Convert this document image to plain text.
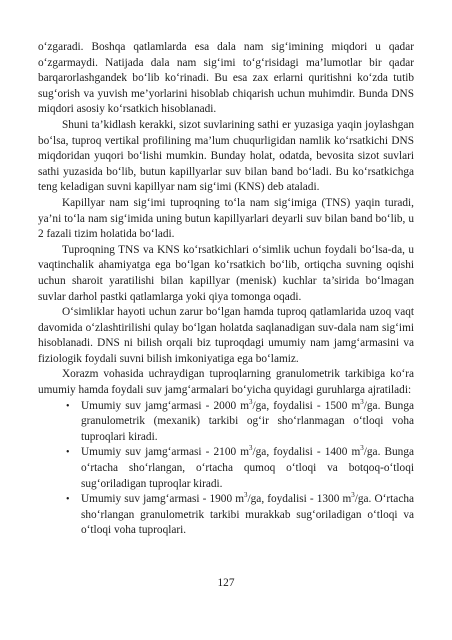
o‘zgaradi. Boshqa qatlamlarda esa dala nam sig‘imining miqdori u qadar o‘zgarmaydi. Natijada dala nam sig‘imi to‘g‘risidagi ma’lumotlar bir qadar barqarorlashgandek bo‘lib ko‘rinadi. Bu esa zax erlarni quritishni ko‘zda tutib sug‘orish va yuvish me’yorlarini hisoblab chiqarish uchun muhimdir. Bunda DNS miqdori asosiy ko‘rsatkich hisoblanadi.

Shuni ta’kidlash kerakki, sizot suvlarining sathi er yuzasiga yaqin joylashgan bo‘lsa, tuproq vertikal profilining ma’lum chuqurligidan namlik ko‘rsatkichi DNS miqdoridan yuqori bo‘lishi mumkin. Bunday holat, odatda, bevosita sizot suvlari sathi yuzasida bo‘lib, butun kapillyarlar suv bilan band bo‘ladi. Bu ko‘rsatkichga teng keladigan suvni kapillyar nam sig‘imi (KNS) deb ataladi.

Kapillyar nam sig‘imi tuproqning to‘la nam sig‘imiga (TNS) yaqin turadi, ya’ni to‘la nam sig‘imida uning butun kapillyarlari deyarli suv bilan band bo‘lib, u 2 fazali tizim holatida bo‘ladi.

Tuproqning TNS va KNS ko‘rsatkichlari o‘simlik uchun foydali bo‘lsa-da, u vaqtinchalik ahamiyatga ega bo‘lgan ko‘rsatkich bo‘lib, ortiqcha suvning oqishi uchun sharoit yaratilishi bilan kapillyar (menisk) kuchlar ta’sirida bo‘lmagan suvlar darhol pastki qatlamlarga yoki qiya tomonga oqadi.

O‘simliklar hayoti uchun zarur bo‘lgan hamda tuproq qatlamlarida uzoq vaqt davomida o‘zlashtirilishi qulay bo‘lgan holatda saqlanadigan suv-dala nam sig‘imi hisoblanadi. DNS ni bilish orqali biz tuproqdagi umumiy nam jamg‘armasini va fiziologik foydali suvni bilish imkoniyatiga ega bo‘lamiz.

Xorazm vohasida uchraydigan tuproqlarning granulometrik tarkibiga ko‘ra umumiy hamda foydali suv jamg‘armalari bo‘yicha quyidagi guruhlarga ajratiladi:

• Umumiy suv jamg‘armasi - 2000 $m^3/ga$, foydalisi - 1500 $m^3/ga$. Bunga granulometrik (mexanik) tarkibi og‘ir sho‘rlanmagan o‘tloqi voha tuproqlari kiradi.
• Umumiy suv jamg‘armasi - 2100 $m^3/ga$, foydalisi - 1400 $m^3/ga$. Bunga o‘rtacha sho‘rlangan, o‘rtacha qumoq o‘tloqi va botqoq-o‘tloqi sug‘oriladigan tuproqlar kiradi.
• Umumiy suv jamg‘armasi - 1900 $m^3/ga$, foydalisi - 1300 $m^3/ga$. O‘rtacha sho‘rlangan granulometrik tarkibi murakkab sug‘oriladigan o‘tloqi va o‘tloqi voha tuproqlari.
127
